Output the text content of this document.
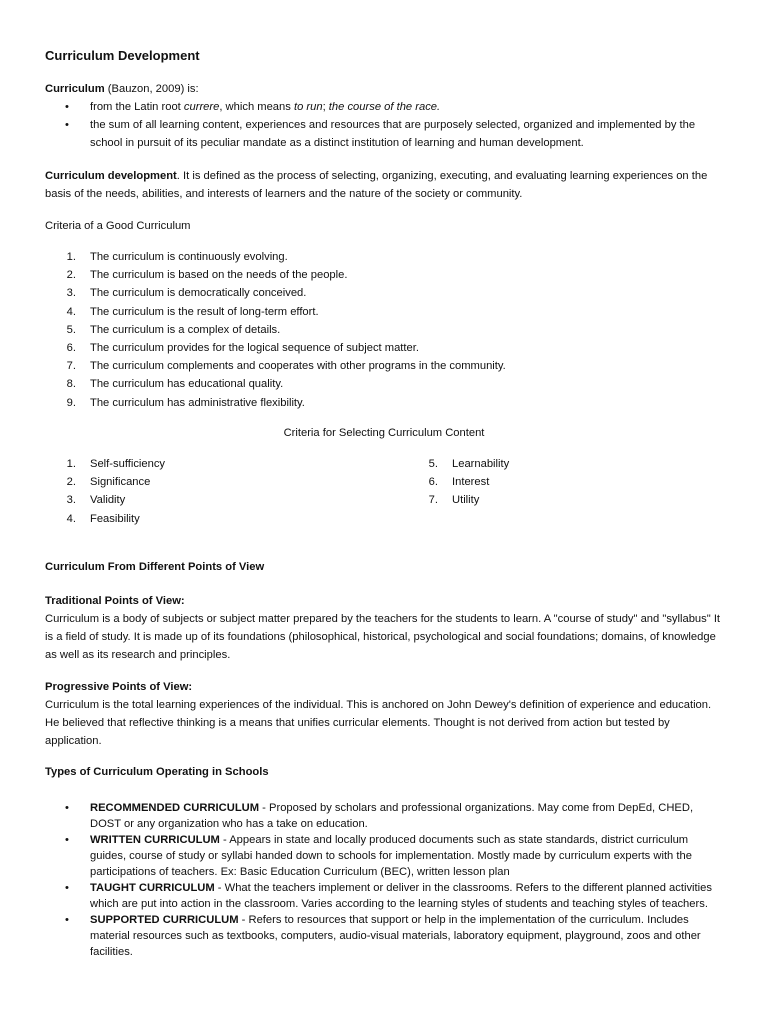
Curriculum Development
Curriculum (Bauzon, 2009) is:
• from the Latin root currere, which means to run; the course of the race.
• the sum of all learning content, experiences and resources that are purposely selected, organized and implemented by the school in pursuit of its peculiar mandate as a distinct institution of learning and human development.
Curriculum development. It is defined as the process of selecting, organizing, executing, and evaluating learning experiences on the basis of the needs, abilities, and interests of learners and the nature of the society or community.
Criteria of a Good Curriculum
1. The curriculum is continuously evolving.
2. The curriculum is based on the needs of the people.
3. The curriculum is democratically conceived.
4. The curriculum is the result of long-term effort.
5. The curriculum is a complex of details.
6. The curriculum provides for the logical sequence of subject matter.
7. The curriculum complements and cooperates with other programs in the community.
8. The curriculum has educational quality.
9. The curriculum has administrative flexibility.
Criteria for Selecting Curriculum Content
1. Self-sufficiency
2. Significance
3. Validity
4. Feasibility
5. Learnability
6. Interest
7. Utility
Curriculum From Different Points of View
Traditional Points of View:
Curriculum is a body of subjects or subject matter prepared by the teachers for the students to learn. A "course of study" and "syllabus" It is a field of study. It is made up of its foundations (philosophical, historical, psychological and social foundations; domains, of knowledge as well as its research and principles.
Progressive Points of View:
Curriculum is the total learning experiences of the individual. This is anchored on John Dewey's definition of experience and education. He believed that reflective thinking is a means that unifies curricular elements. Thought is not derived from action but tested by application.
Types of Curriculum Operating in Schools
• RECOMMENDED CURRICULUM - Proposed by scholars and professional organizations. May come from DepEd, CHED, DOST or any organization who has a take on education.
• WRITTEN CURRICULUM - Appears in state and locally produced documents such as state standards, district curriculum guides, course of study or syllabi handed down to schools for implementation. Mostly made by curriculum experts with the participations of teachers. Ex: Basic Education Curriculum (BEC), written lesson plan
• TAUGHT CURRICULUM - What the teachers implement or deliver in the classrooms. Refers to the different planned activities which are put into action in the classroom. Varies according to the learning styles of students and teaching styles of teachers.
• SUPPORTED CURRICULUM - Refers to resources that support or help in the implementation of the curriculum. Includes material resources such as textbooks, computers, audio-visual materials, laboratory equipment, playground, zoos and other facilities.
